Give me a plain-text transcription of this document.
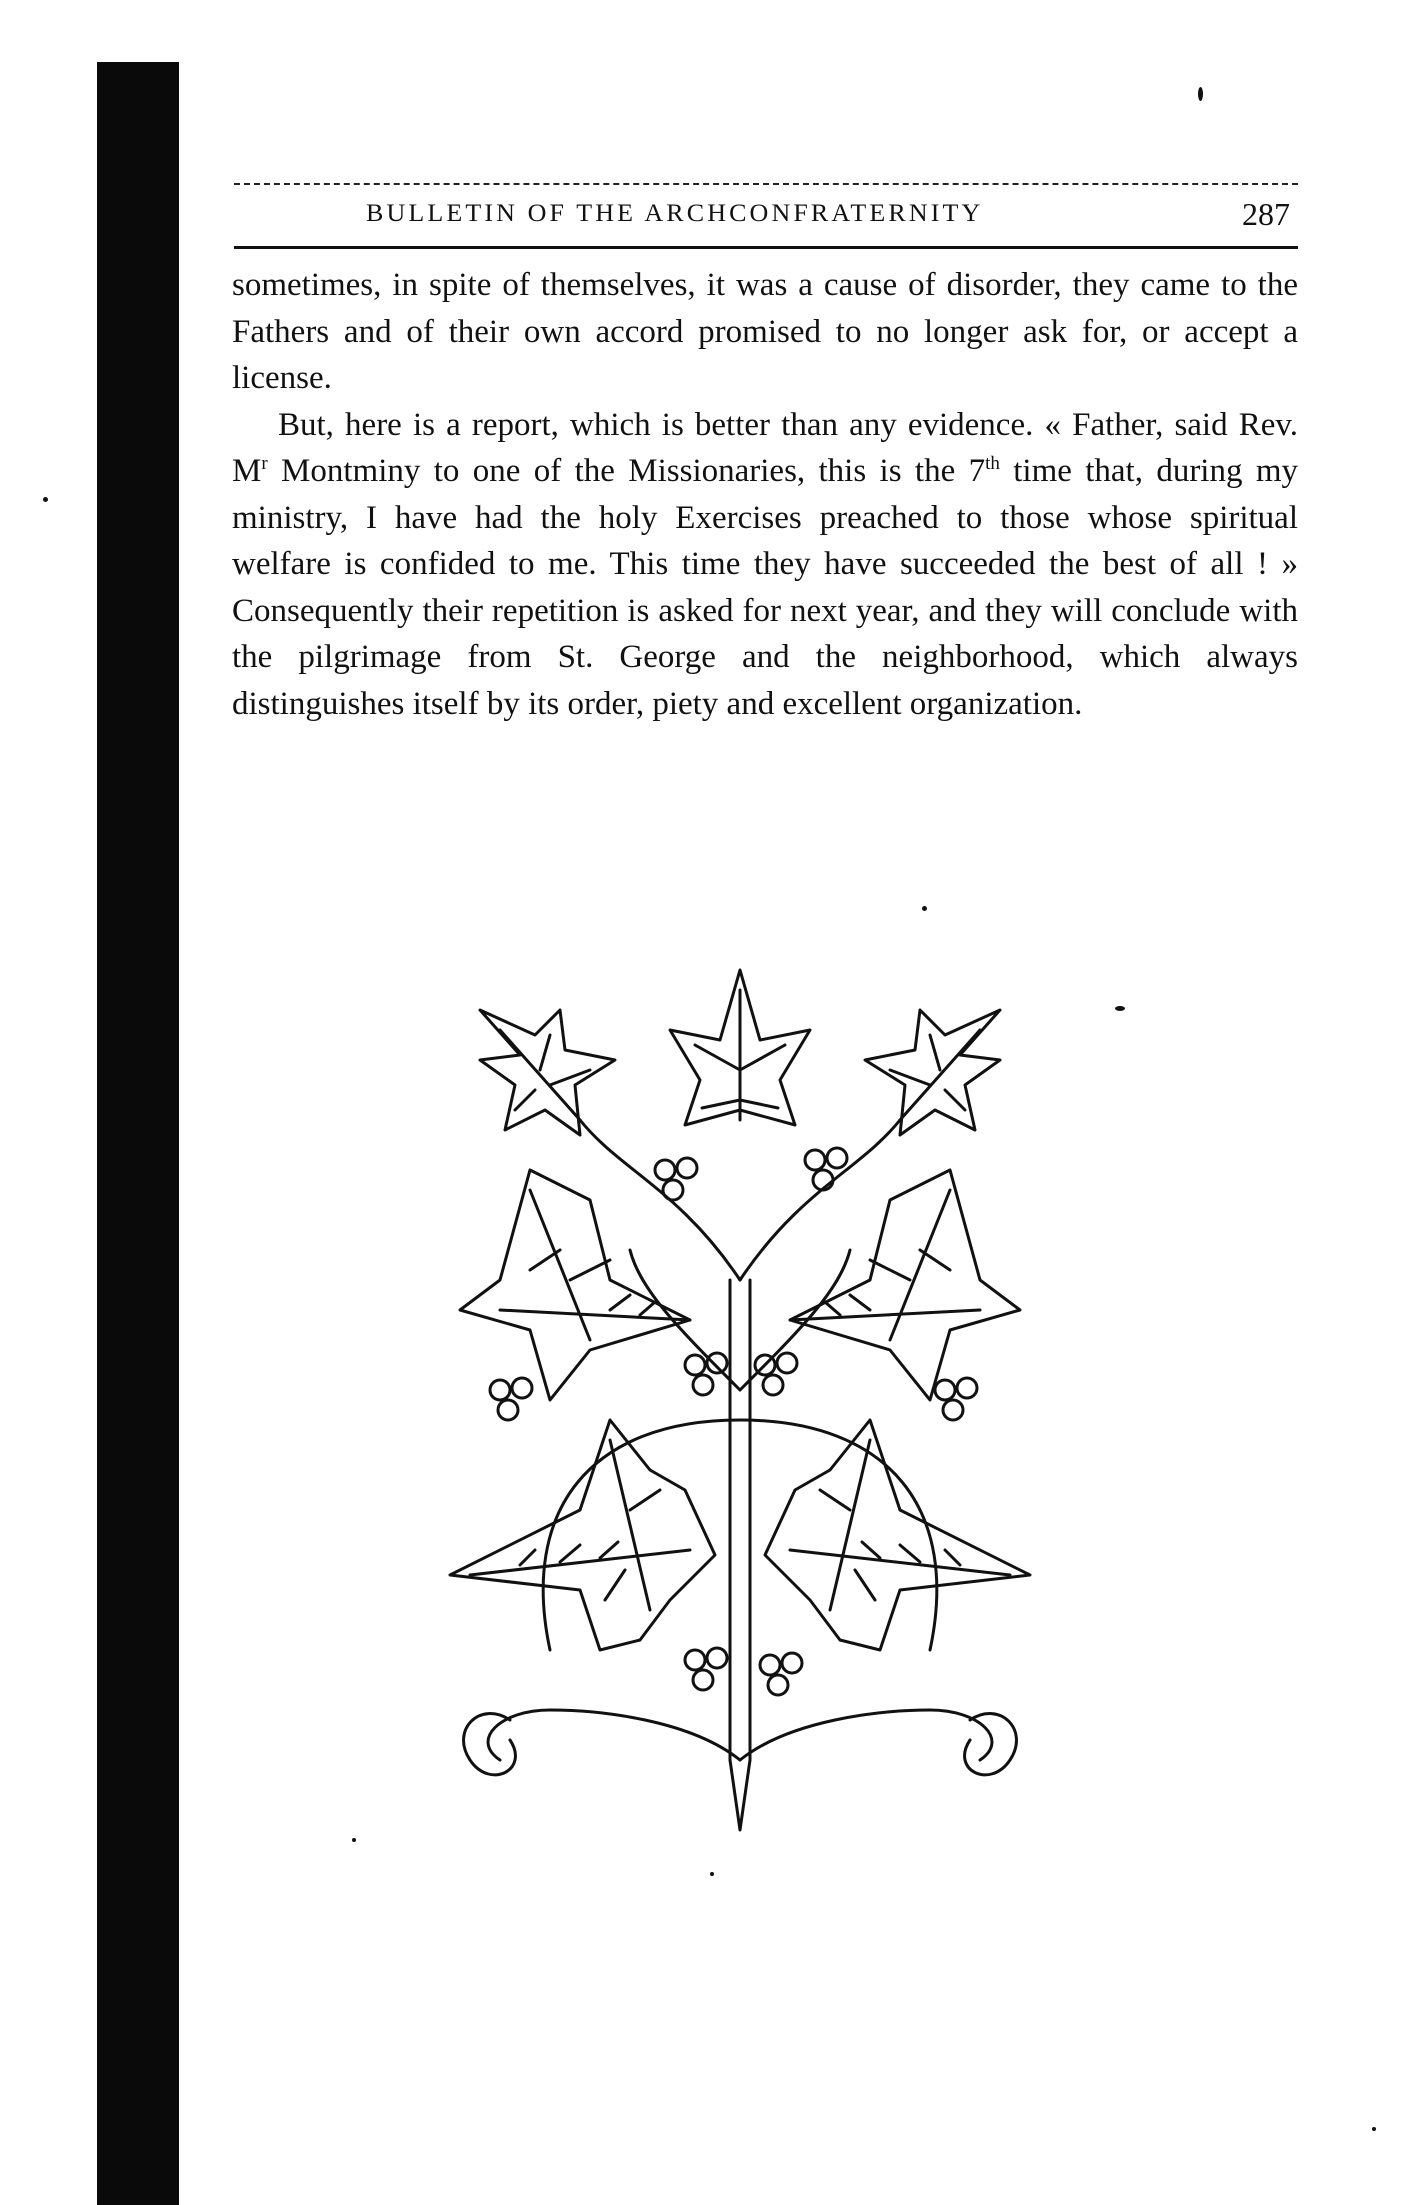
BULLETIN OF THE ARCHCONFRATERNITY	287

sometimes, in spite of themselves, it was a cause of disorder, they came to the Fathers and of their own accord promised to no longer ask for, or accept a license.

But, here is a report, which is better than any evidence. « Father, said Rev. $M^r$ Montminy to one of the Missionaries, this is the 7th time that, during my ministry, I have had the holy Exercises preached to those whose spiritual welfare is confided to me. This time they have succeeded the best of all ! » Consequently their repetition is asked for next year, and they will conclude with the pilgrimage from St. George and the neighborhood, which always distinguishes itself by its order, piety and excellent organization.
